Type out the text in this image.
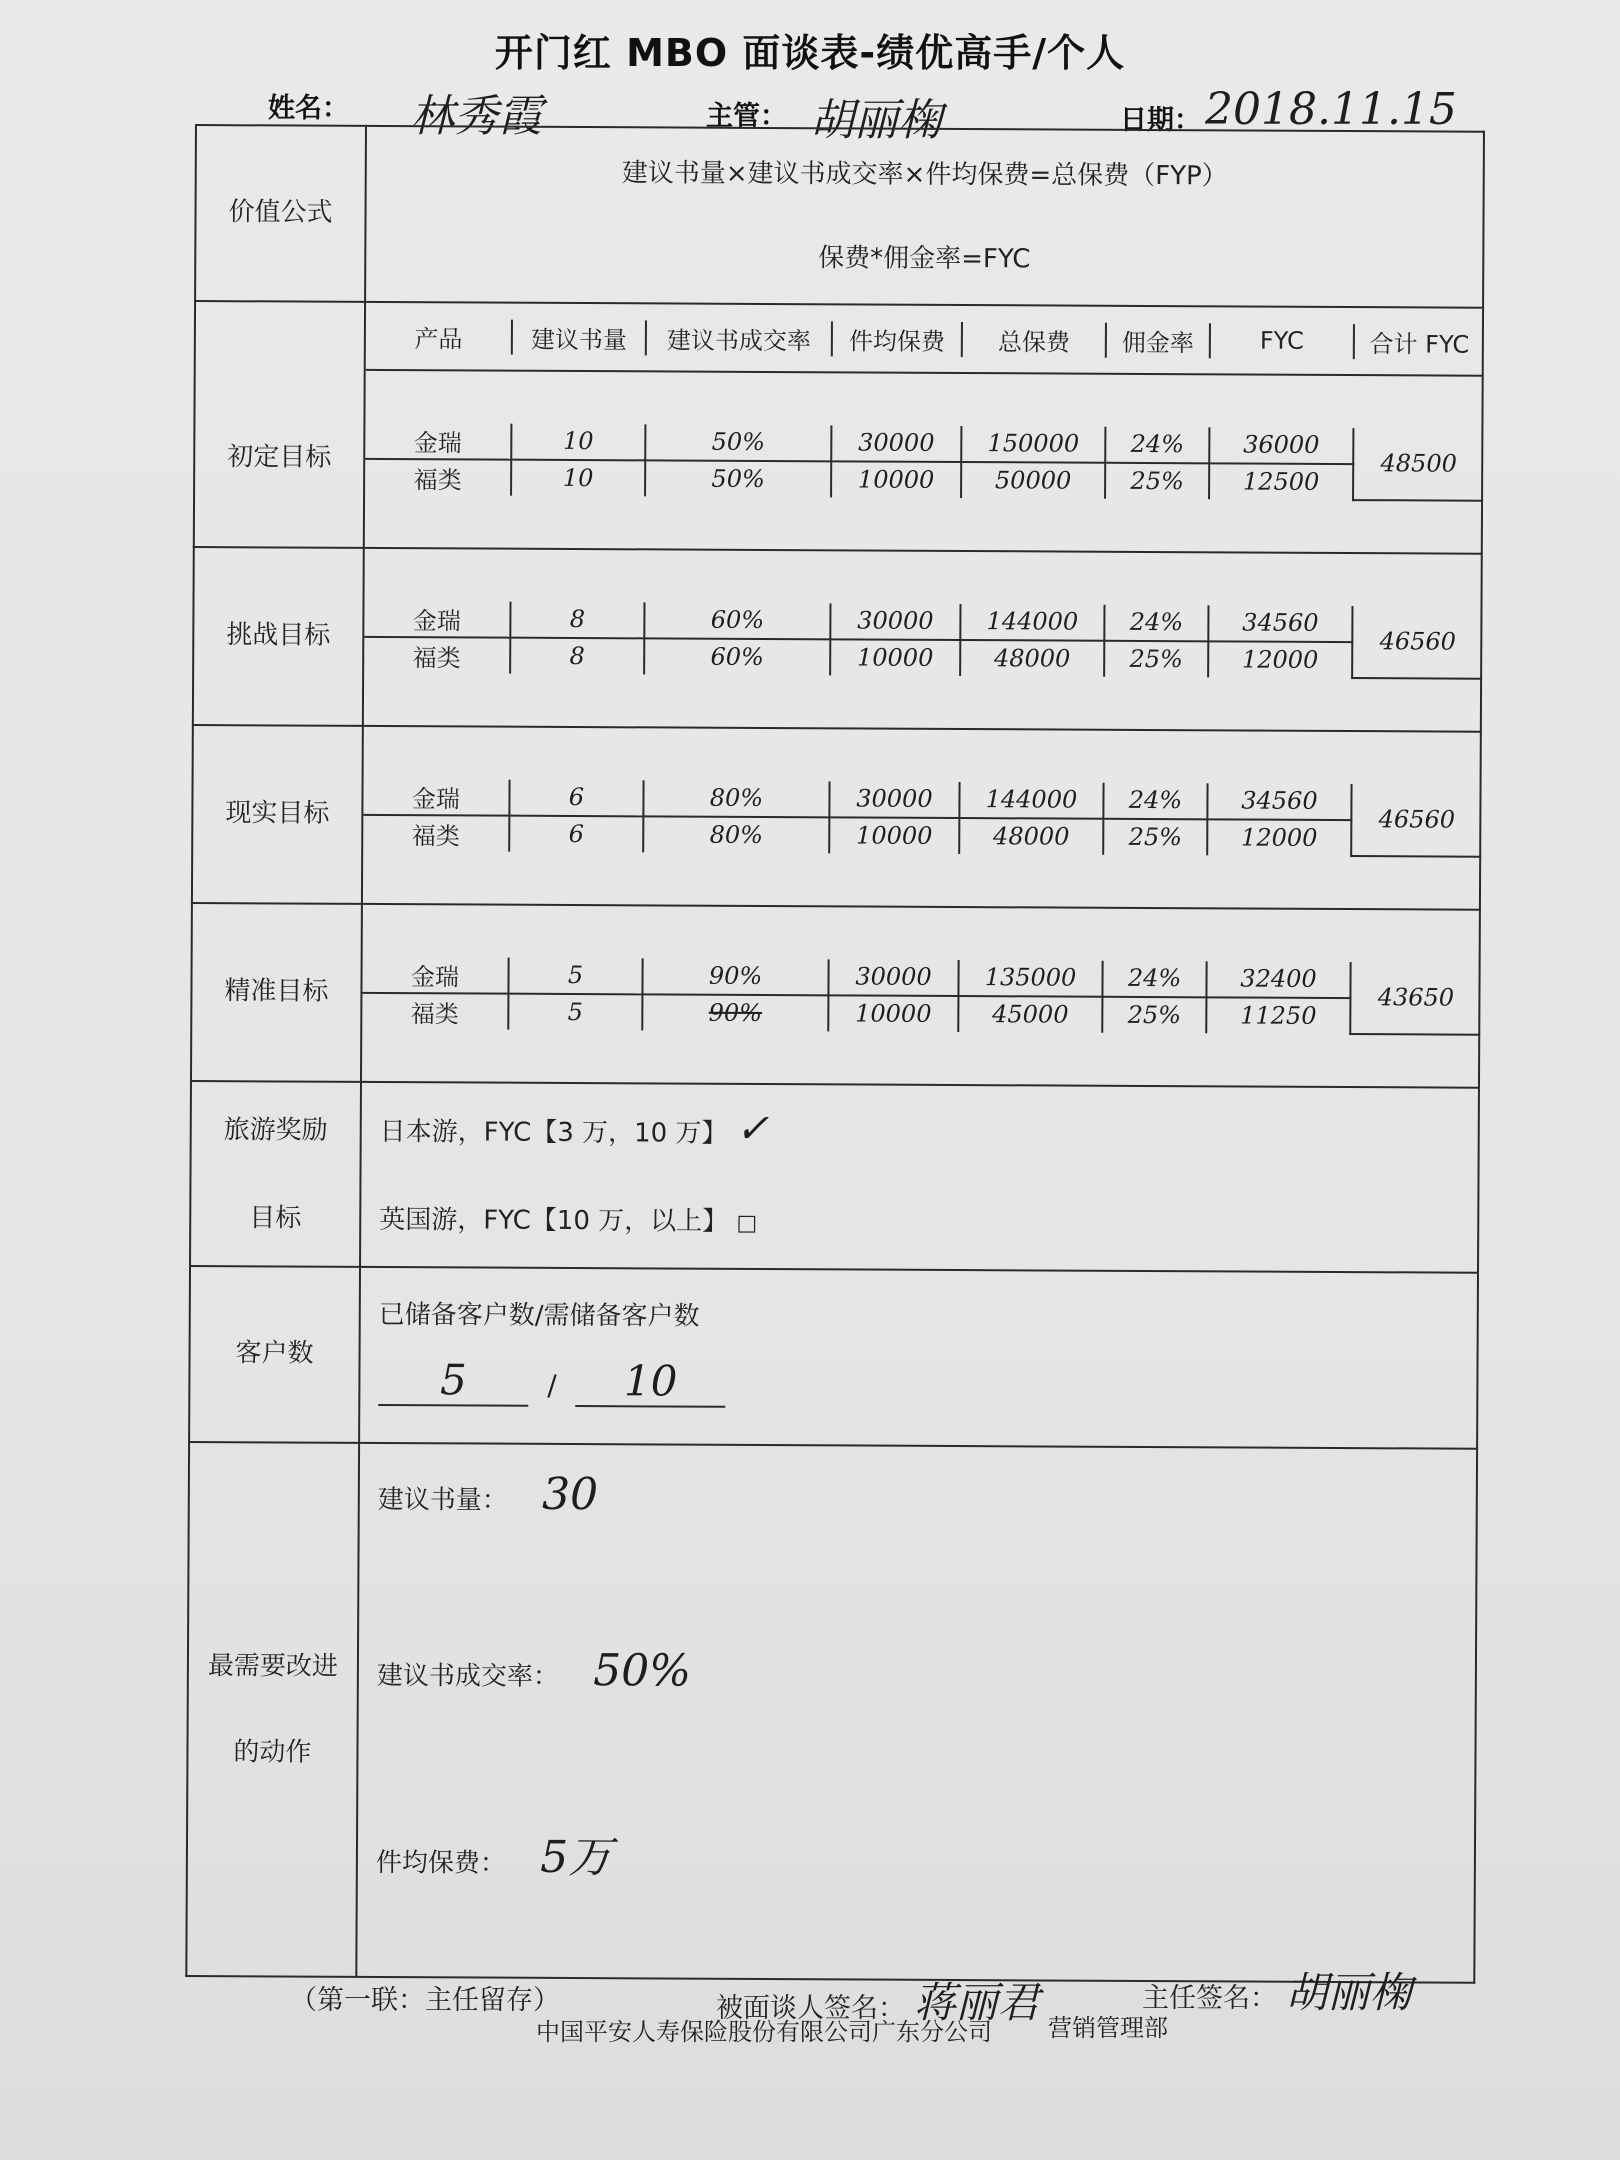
开门红 MBO 面谈表-绩优高手/个人
姓名： 林秀霞	主管： 胡丽椈	日期： 2018.11.15
价值公式	
建议书量×建议书成交率×件均保费=总保费（FYP）
保费*佣金率=FYC

产品	建议书量	建议书成交率	件均保费	总保费	佣金率	FYC	合计 FYC

初定目标		金瑞	10	50%	30000	150000	24%	36000	48500
福类	10	50%	10000	50000	25%	12500

挑战目标		金瑞	8	60%	30000	144000	24%	34560	46560
福类	8	60%	10000	48000	25%	12000

现实目标		金瑞	6	80%	30000	144000	24%	34560	46560
福类	6	80%	10000	48000	25%	12000

精准目标		金瑞	5	90%	30000	135000	24%	32400	43650
福类	5	90%	10000	45000	25%	11250

旅游奖励
目标

日本游，FYC【3 万，10 万】 ✓
英国游，FYC【10 万，以上】 □

客户数	
已储备客户数/需储备客户数
5	/ 10

最需要改进
的动作

建议书量： 30
建议书成交率： 50%
件均保费： 5万
（第一联：主任留存）	被面谈人签名： 蒋丽君	主任签名： 胡丽椈
中国平安人寿保险股份有限公司广东分公司 营销管理部
